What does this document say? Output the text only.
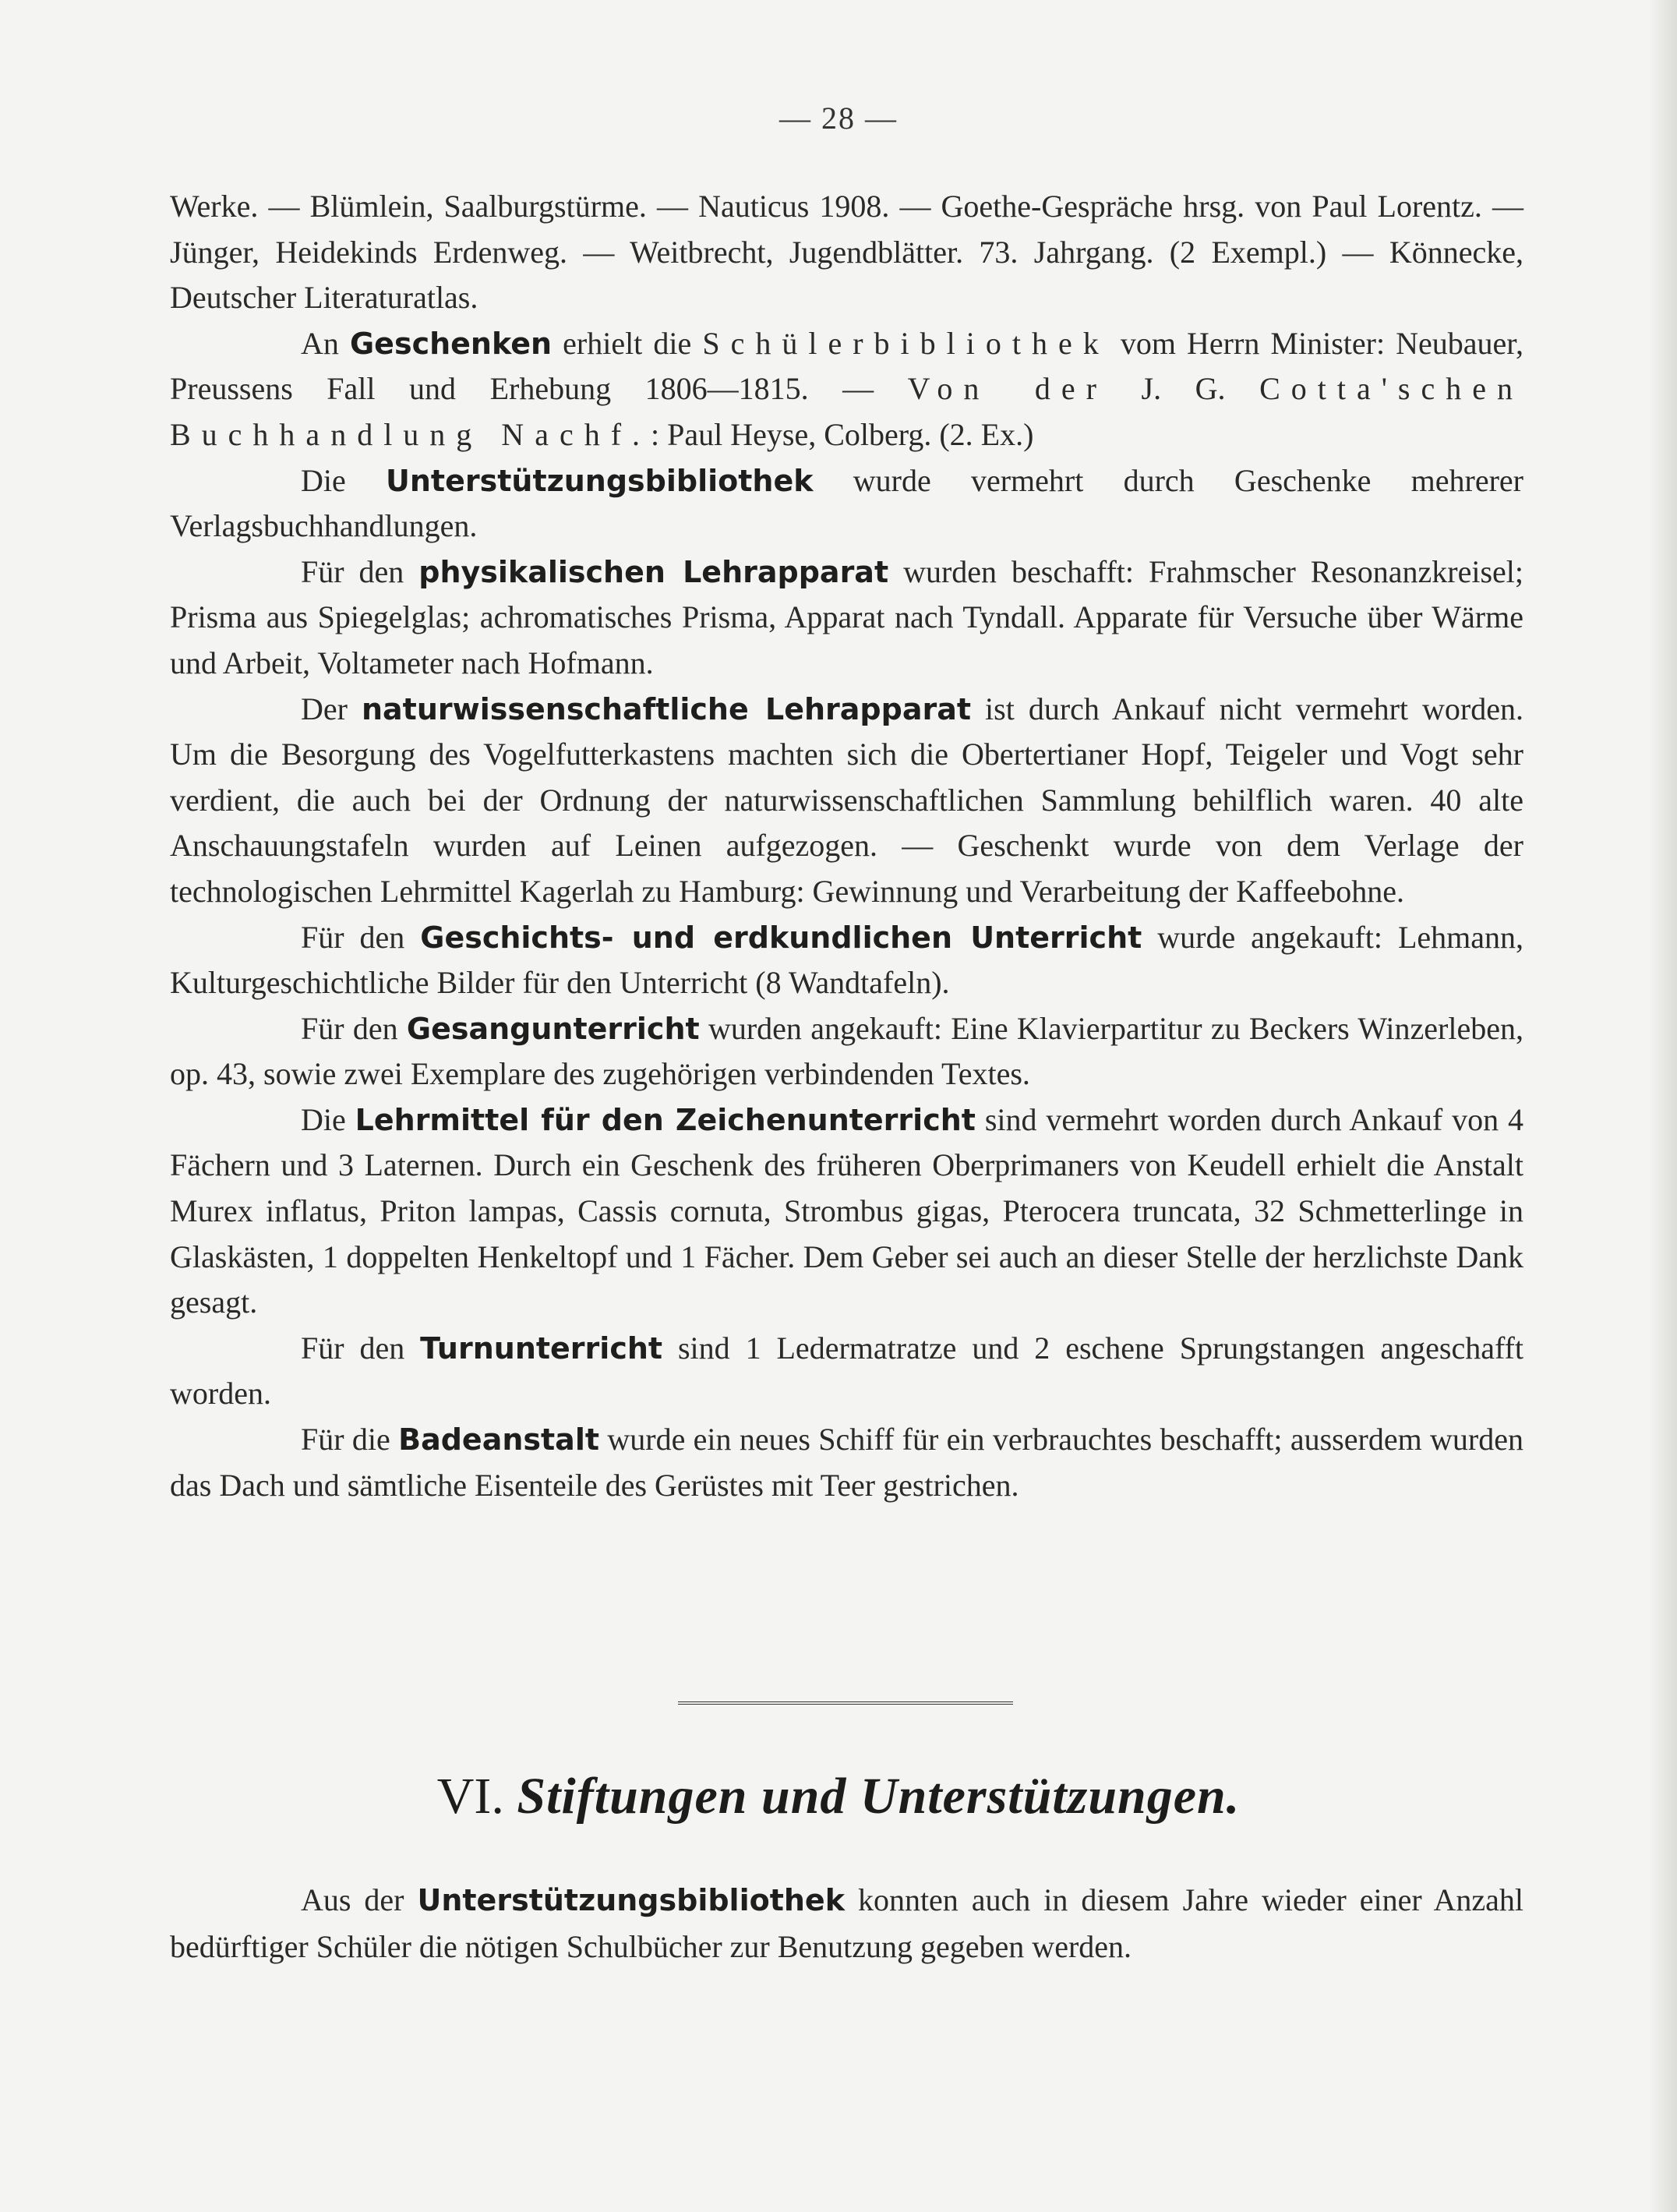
— 28 —

Werke. — Blümlein, Saalburgstürme. — Nauticus 1908. — Goethe-Gespräche hrsg. von Paul Lorentz. — Jünger, Heidekinds Erdenweg. — Weitbrecht, Jugendblätter. 73. Jahrgang. (2 Exempl.) — Könnecke, Deutscher Literaturatlas.

An Geschenken erhielt die Schülerbibliothek vom Herrn Minister: Neubauer, Preussens Fall und Erhebung 1806—1815. — Von der J. G. Cotta'schen Buchhandlung Nachf.: Paul Heyse, Colberg. (2. Ex.)

Die Unterstützungsbibliothek wurde vermehrt durch Geschenke mehrerer Verlagsbuchhandlungen.

Für den physikalischen Lehrapparat wurden beschafft: Frahmscher Resonanzkreisel; Prisma aus Spiegelglas; achromatisches Prisma, Apparat nach Tyndall. Apparate für Versuche über Wärme und Arbeit, Voltameter nach Hofmann.

Der naturwissenschaftliche Lehrapparat ist durch Ankauf nicht vermehrt worden. Um die Besorgung des Vogelfutterkastens machten sich die Obertertianer Hopf, Teigeler und Vogt sehr verdient, die auch bei der Ordnung der naturwissenschaftlichen Sammlung behilflich waren. 40 alte Anschauungstafeln wurden auf Leinen aufgezogen. — Geschenkt wurde von dem Verlage der technologischen Lehrmittel Kagerlah zu Hamburg: Gewinnung und Verarbeitung der Kaffeebohne.

Für den Geschichts- und erdkundlichen Unterricht wurde angekauft: Lehmann, Kulturgeschichtliche Bilder für den Unterricht (8 Wandtafeln).

Für den Gesangunterricht wurden angekauft: Eine Klavierpartitur zu Beckers Winzerleben, op. 43, sowie zwei Exemplare des zugehörigen verbindenden Textes.

Die Lehrmittel für den Zeichenunterricht sind vermehrt worden durch Ankauf von 4 Fächern und 3 Laternen. Durch ein Geschenk des früheren Oberprimaners von Keudell erhielt die Anstalt Murex inflatus, Priton lampas, Cassis cornuta, Strombus gigas, Pterocera truncata, 32 Schmetterlinge in Glaskästen, 1 doppelten Henkeltopf und 1 Fächer. Dem Geber sei auch an dieser Stelle der herzlichste Dank gesagt.

Für den Turnunterricht sind 1 Ledermatratze und 2 eschene Sprungstangen angeschafft worden.

Für die Badeanstalt wurde ein neues Schiff für ein verbrauchtes beschafft; ausserdem wurden das Dach und sämtliche Eisenteile des Gerüstes mit Teer gestrichen.

VI. Stiftungen und Unterstützungen.

Aus der Unterstützungsbibliothek konnten auch in diesem Jahre wieder einer Anzahl bedürftiger Schüler die nötigen Schulbücher zur Benutzung gegeben werden.
